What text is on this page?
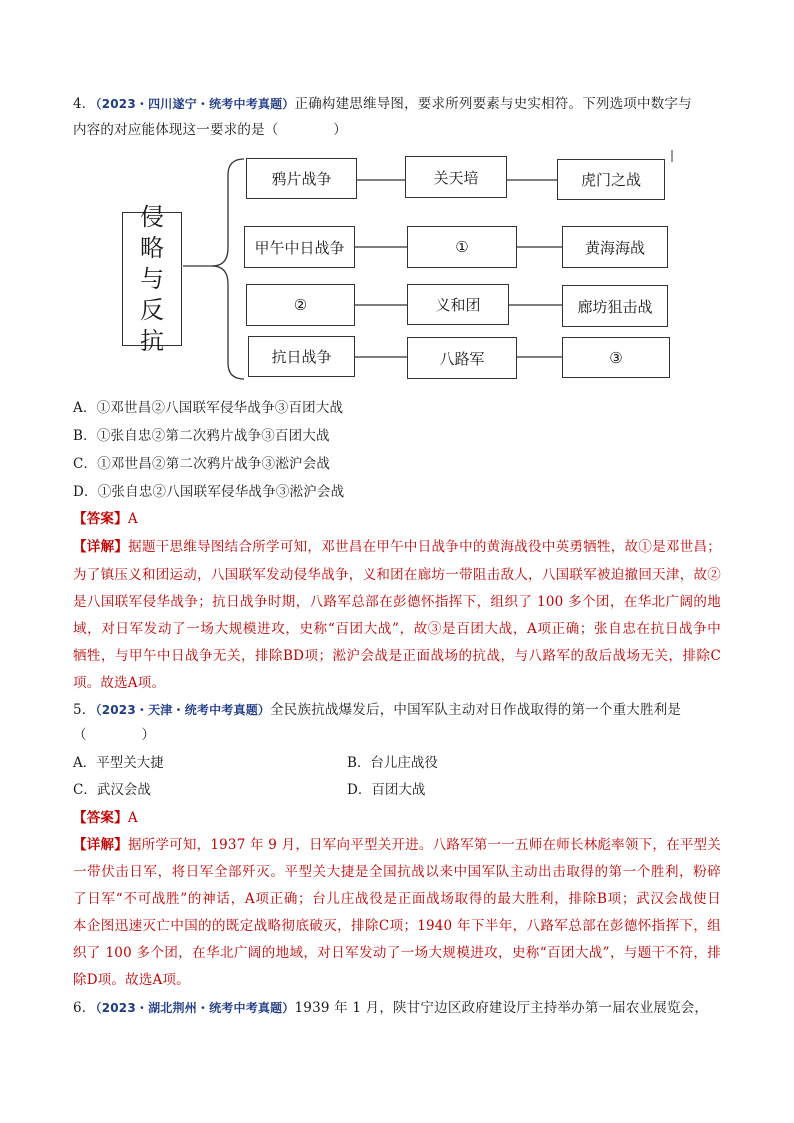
4．（2023・四川遂宁・统考中考真题）正确构建思维导图，要求所列要素与史实相符。下列选项中数字与
内容的对应能体现这一要求的是（　　　　）
侵
略
与
反
抗
鸦片战争	关天培	虎门之战
甲午中日战争	①	黄海海战
②	义和团	廊坊狙击战
抗日战争	八路军	③
A．①邓世昌②八国联军侵华战争③百团大战
B．①张自忠②第二次鸦片战争③百团大战
C．①邓世昌②第二次鸦片战争③淞沪会战
D．①张自忠②八国联军侵华战争③淞沪会战
【答案】A
【详解】据题干思维导图结合所学可知，邓世昌在甲午中日战争中的黄海战役中英勇牺牲，故①是邓世昌；
为了镇压义和团运动，八国联军发动侵华战争，义和团在廊坊一带阻击敌人，八国联军被迫撤回天津，故②
是八国联军侵华战争；抗日战争时期，八路军总部在彭德怀指挥下，组织了 100 多个团，在华北广阔的地
域，对日军发动了一场大规模进攻，史称“百团大战”，故③是百团大战，A项正确；张自忠在抗日战争中
牺牲，与甲午中日战争无关，排除BD项；淞沪会战是正面战场的抗战，与八路军的敌后战场无关，排除C
项。故选A项。
5．（2023・天津・统考中考真题）全民族抗战爆发后，中国军队主动对日作战取得的第一个重大胜利是
（　　　　）
A．平型关大捷	B．台儿庄战役
C．武汉会战	D．百团大战
【答案】A
【详解】据所学可知，1937 年 9 月，日军向平型关开进。八路军第一一五师在师长林彪率领下，在平型关
一带伏击日军，将日军全部歼灭。平型关大捷是全国抗战以来中国军队主动出击取得的第一个胜利，粉碎
了日军“不可战胜”的神话，A项正确；台儿庄战役是正面战场取得的最大胜利，排除B项；武汉会战使日
本企图迅速灭亡中国的的既定战略彻底破灭，排除C项；1940 年下半年，八路军总部在彭德怀指挥下，组
织了 100 多个团，在华北广阔的地域，对日军发动了一场大规模进攻，史称“百团大战”，与题干不符，排
除D项。故选A项。
6．（2023・湖北荆州・统考中考真题）1939 年 1 月，陕甘宁边区政府建设厅主持举办第一届农业展览会，
